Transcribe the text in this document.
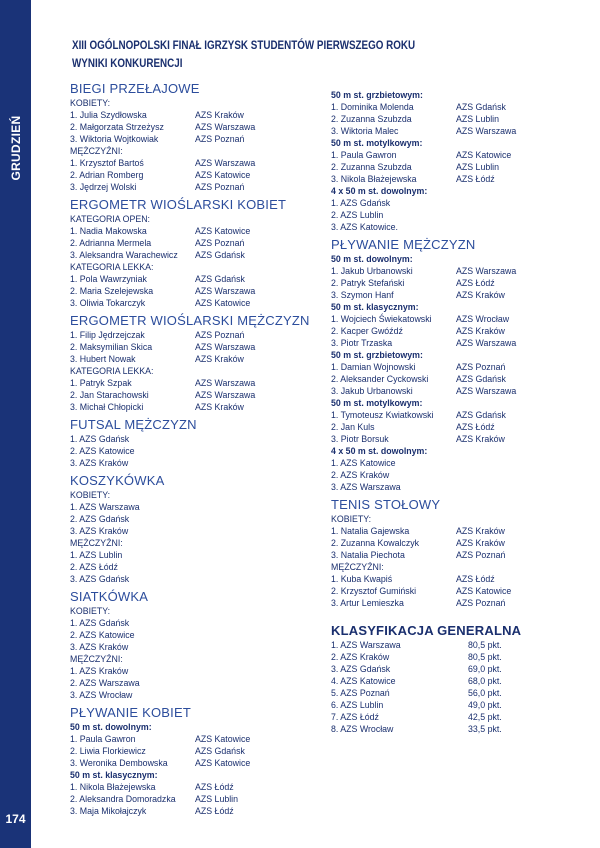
GRUDZIEŃ
174
XIII OGÓLNOPOLSKI FINAŁ IGRZYSK STUDENTÓW PIERWSZEGO ROKU
WYNIKI KONKURENCJI
BIEGI PRZEŁAJOWE
KOBIETY:
1. Julia Szydłowska	AZS Kraków
2. Małgorzata Strzeżysz	AZS Warszawa
3. Wiktoria Wojtkowiak	AZS Poznań
MĘŻCZYŹNI:
1. Krzysztof Bartoś	AZS Warszawa
2. Adrian Romberg	AZS Katowice
3. Jędrzej Wolski	AZS Poznań
ERGOMETR WIOŚLARSKI KOBIET
KATEGORIA OPEN:
1. Nadia Makowska	AZS Katowice
2. Adrianna Mermela	AZS Poznań
3. Aleksandra Warachewicz AZS Gdańsk
KATEGORIA LEKKA:
1. Pola Wawrzyniak	AZS Gdańsk
2. Maria Szelejewska	AZS Warszawa
3. Oliwia Tokarczyk	AZS Katowice
ERGOMETR WIOŚLARSKI MĘŻCZYZN
1. Filip Jędrzejczak	AZS Poznań
2. Maksymilian Skica	AZS Warszawa
3. Hubert Nowak	AZS Kraków
KATEGORIA LEKKA:
1. Patryk Szpak	AZS Warszawa
2. Jan Starachowski	AZS Warszawa
3. Michał Chłopicki	AZS Kraków
FUTSAL MĘŻCZYZN
1. AZS Gdańsk
2. AZS Katowice
3. AZS Kraków
KOSZYKÓWKA
KOBIETY:
1. AZS Warszawa
2. AZS Gdańsk
3. AZS Kraków
MĘŻCZYŹNI:
1. AZS Lublin
2. AZS Łódź
3. AZS Gdańsk
SIATKÓWKA
KOBIETY:
1. AZS Gdańsk
2. AZS Katowice
3. AZS Kraków
MĘŻCZYŹNI:
1. AZS Kraków
2. AZS Warszawa
3. AZS Wrocław
PŁYWANIE KOBIET
50 m st. dowolnym:
1. Paula Gawron	AZS Katowice
2. Liwia Florkiewicz	AZS Gdańsk
3. Weronika Dembowska	AZS Katowice
50 m st. klasycznym:
1. Nikola Błażejewska	AZS Łódź
2. Aleksandra Domoradzka AZS Lublin
3. Maja Mikołajczyk	AZS Łódź
50 m st. grzbietowym:
1. Dominika Molenda	AZS Gdańsk
2. Zuzanna Szubzda	AZS Lublin
3. Wiktoria Malec	AZS Warszawa
50 m st. motylkowym:
1. Paula Gawron	AZS Katowice
2. Zuzanna Szubzda	AZS Lublin
3. Nikola Błażejewska	AZS Łódź
4 x 50 m st. dowolnym:
1. AZS Gdańsk
2. AZS Lublin
3. AZS Katowice.
PŁYWANIE MĘŻCZYZN
50 m st. dowolnym:
1. Jakub Urbanowski	AZS Warszawa
2. Patryk Stefański	AZS Łódź
3. Szymon Hanf	AZS Kraków
50 m st. klasycznym:
1. Wojciech Świekatowski	AZS Wrocław
2. Kacper Gwóźdź	AZS Kraków
3. Piotr Trzaska	AZS Warszawa
50 m st. grzbietowym:
1. Damian Wojnowski	AZS Poznań
2. Aleksander Cyckowski	AZS Gdańsk
3. Jakub Urbanowski	AZS Warszawa
50 m st. motylkowym:
1. Tymoteusz Kwiatkowski	AZS Gdańsk
2. Jan Kuls	AZS Łódź
3. Piotr Borsuk	AZS Kraków
4 x 50 m st. dowolnym:
1. AZS Katowice
2. AZS Kraków
3. AZS Warszawa
TENIS STOŁOWY
KOBIETY:
1. Natalia Gajewska	AZS Kraków
2. Zuzanna Kowalczyk	AZS Kraków
3. Natalia Piechota	AZS Poznań
MĘŻCZYŹNI:
1. Kuba Kwapiś	AZS Łódź
2. Krzysztof Gumiński	AZS Katowice
3. Artur Lemieszka	AZS Poznań
KLASYFIKACJA GENERALNA
1. AZS Warszawa	80,5 pkt.
2. AZS Kraków	80,5 pkt.
3. AZS Gdańsk	69,0 pkt.
4. AZS Katowice	68,0 pkt.
5. AZS Poznań	56,0 pkt.
6. AZS Lublin	49,0 pkt.
7. AZS Łódź	42,5 pkt.
8. AZS Wrocław	33,5 pkt.
